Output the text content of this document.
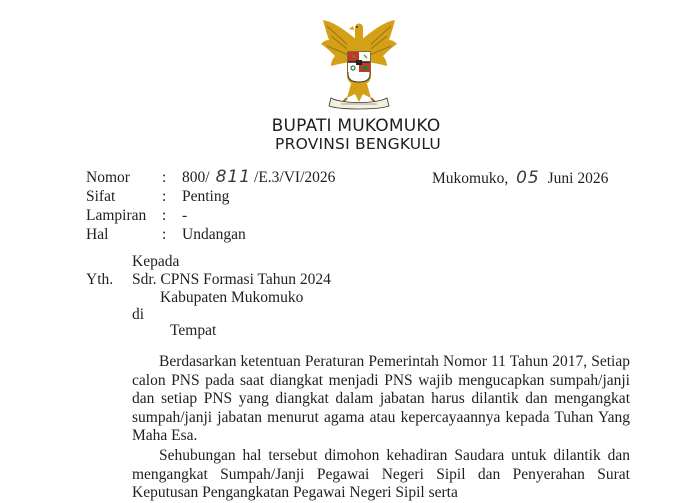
BUPATI MUKOMUKO
PROVINSI BENGKULU
Nomor	: 800/ 811 /E.3/VI/2026
Sifat	: Penting
Lampiran	: -
Hal	: Undangan
Mukomuko, 05 Juni 2026
Kepada
Yth. Sdr. CPNS Formasi Tahun 2024
Kabupaten Mukomuko
di
Tempat
Berdasarkan ketentuan Peraturan Pemerintah Nomor 11 Tahun 2017, Setiap calon PNS pada saat diangkat menjadi PNS wajib mengucapkan sumpah/janji dan setiap PNS yang diangkat dalam jabatan harus dilantik dan mengangkat sumpah/janji jabatan menurut agama atau kepercayaannya kepada Tuhan Yang Maha Esa.
Sehubungan hal tersebut dimohon kehadiran Saudara untuk dilantik dan mengangkat Sumpah/Janji Pegawai Negeri Sipil dan Penyerahan Surat Keputusan Pengangkatan Pegawai Negeri Sipil serta
